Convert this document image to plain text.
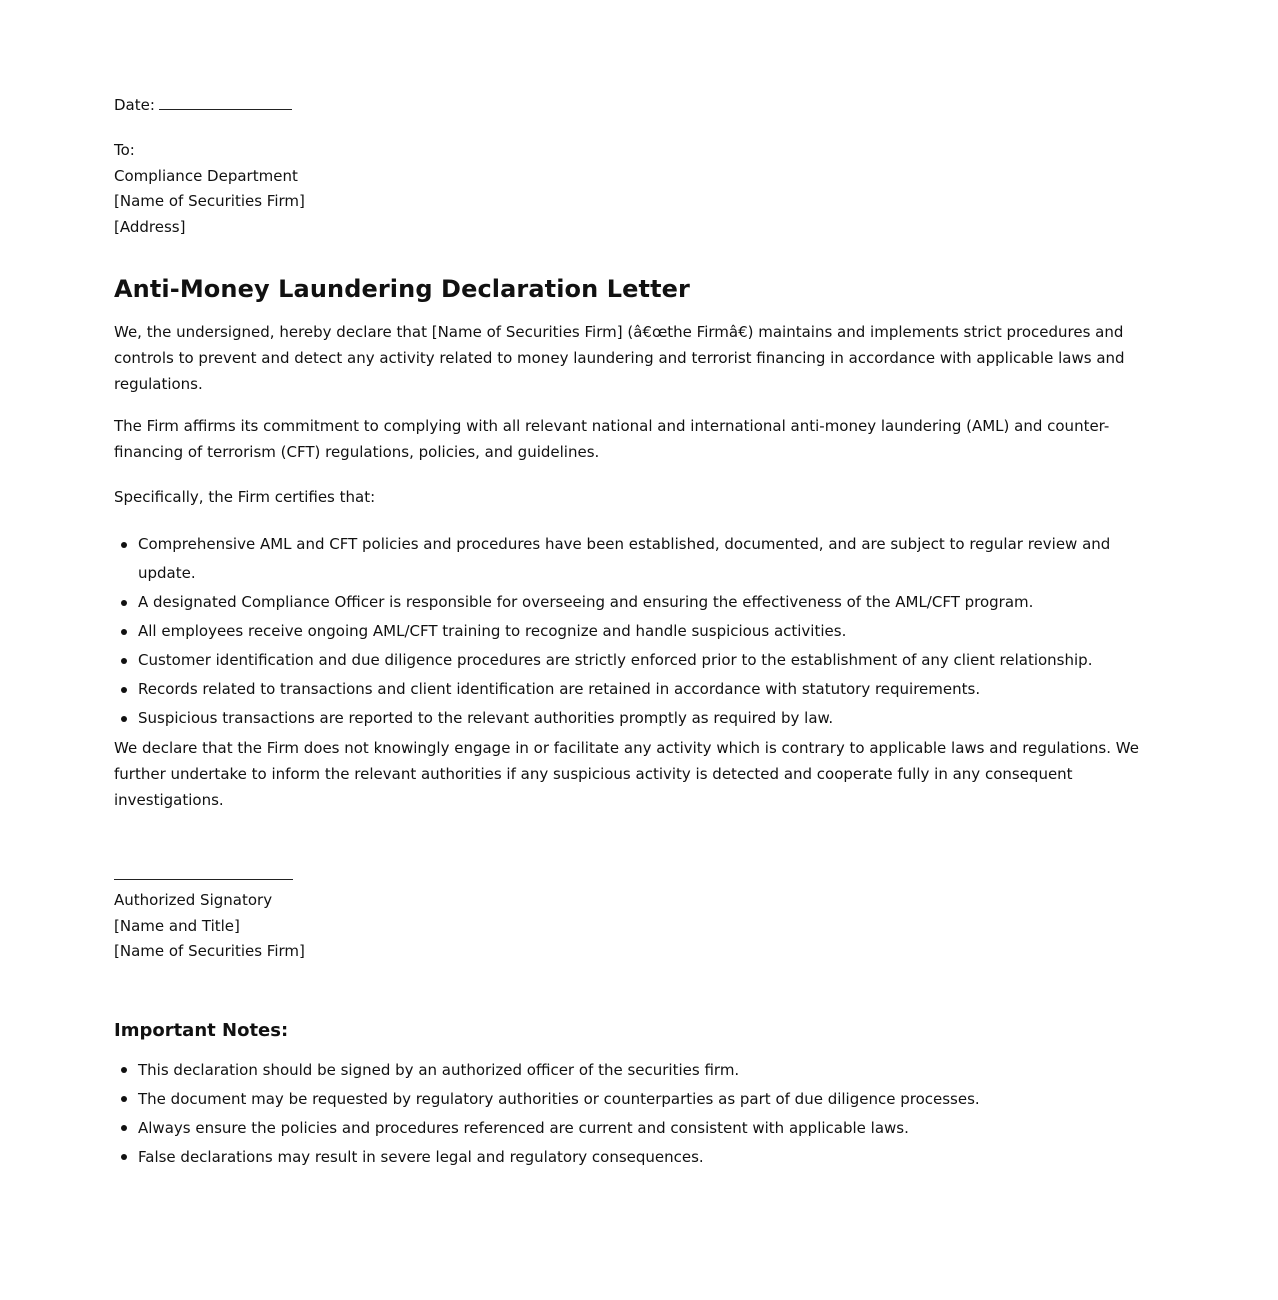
Date:

To:
Compliance Department
[Name of Securities Firm]
[Address]
Anti-Money Laundering Declaration Letter

We, the undersigned, hereby declare that [Name of Securities Firm] (â€œthe Firmâ€) maintains and implements strict procedures and controls to prevent and detect any activity related to money laundering and terrorist financing in accordance with applicable laws and regulations.

The Firm affirms its commitment to complying with all relevant national and international anti-money laundering (AML) and counter-financing of terrorism (CFT) regulations, policies, and guidelines.

Specifically, the Firm certifies that:

Comprehensive AML and CFT policies and procedures have been established, documented, and are subject to regular review and update.
A designated Compliance Officer is responsible for overseeing and ensuring the effectiveness of the AML/CFT program.
All employees receive ongoing AML/CFT training to recognize and handle suspicious activities.
Customer identification and due diligence procedures are strictly enforced prior to the establishment of any client relationship.
Records related to transactions and client identification are retained in accordance with statutory requirements.
Suspicious transactions are reported to the relevant authorities promptly as required by law.

We declare that the Firm does not knowingly engage in or facilitate any activity which is contrary to applicable laws and regulations. We further undertake to inform the relevant authorities if any suspicious activity is detected and cooperate fully in any consequent investigations.

Authorized Signatory
[Name and Title]
[Name of Securities Firm]
Important Notes:
This declaration should be signed by an authorized officer of the securities firm.
The document may be requested by regulatory authorities or counterparties as part of due diligence processes.
Always ensure the policies and procedures referenced are current and consistent with applicable laws.
False declarations may result in severe legal and regulatory consequences.
